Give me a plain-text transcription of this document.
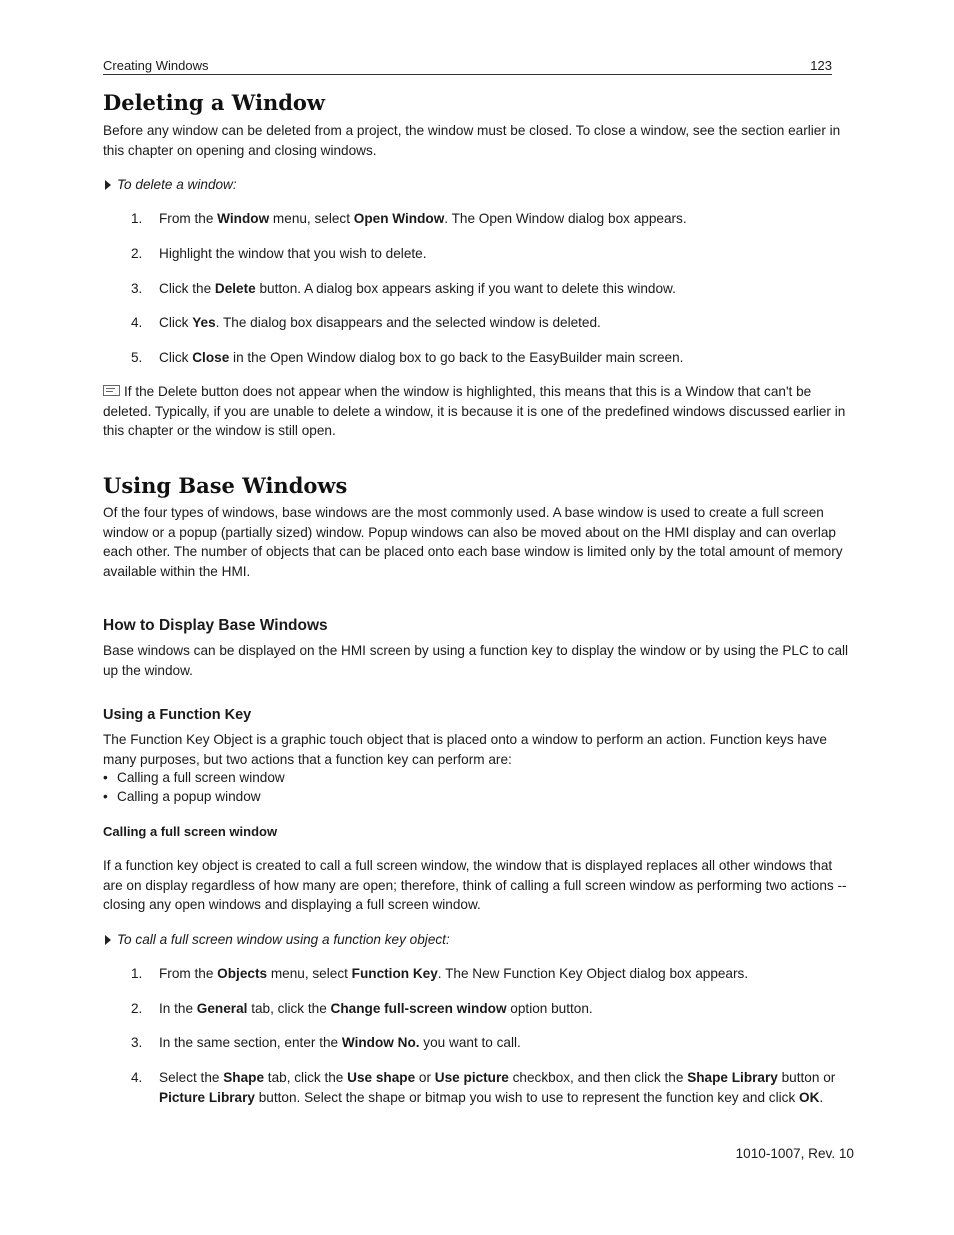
Creating Windows	123
Deleting a Window

Before any window can be deleted from a project, the window must be closed. To close a window, see the section earlier in this chapter on opening and closing windows.

To delete a window:

1.	From the Window menu, select Open Window. The Open Window dialog box appears.
2.	Highlight the window that you wish to delete.
3.	Click the Delete button. A dialog box appears asking if you want to delete this window.
4.	Click Yes. The dialog box disappears and the selected window is deleted.
5.	Click Close in the Open Window dialog box to go back to the EasyBuilder main screen.

If the Delete button does not appear when the window is highlighted, this means that this is a Window that can't be deleted. Typically, if you are unable to delete a window, it is because it is one of the predefined windows discussed earlier in this chapter or the window is still open.

Using Base Windows

Of the four types of windows, base windows are the most commonly used. A base window is used to create a full screen window or a popup (partially sized) window. Popup windows can also be moved about on the HMI display and can overlap each other. The number of objects that can be placed onto each base window is limited only by the total amount of memory available within the HMI.

How to Display Base Windows

Base windows can be displayed on the HMI screen by using a function key to display the window or by using the PLC to call up the window.

Using a Function Key

The Function Key Object is a graphic touch object that is placed onto a window to perform an action. Function keys have many purposes, but two actions that a function key can perform are:

• Calling a full screen window
• Calling a popup window
Calling a full screen window

If a function key object is created to call a full screen window, the window that is displayed replaces all other windows that are on display regardless of how many are open; therefore, think of calling a full screen window as performing two actions -- closing any open windows and displaying a full screen window.

To call a full screen window using a function key object:

1.	From the Objects menu, select Function Key. The New Function Key Object dialog box appears.
2.	In the General tab, click the Change full-screen window option button.
3.	In the same section, enter the Window No. you want to call.
4.	Select the Shape tab, click the Use shape or Use picture checkbox, and then click the Shape Library button or Picture Library button. Select the shape or bitmap you wish to use to represent the function key and click OK.
1010-1007, Rev. 10
